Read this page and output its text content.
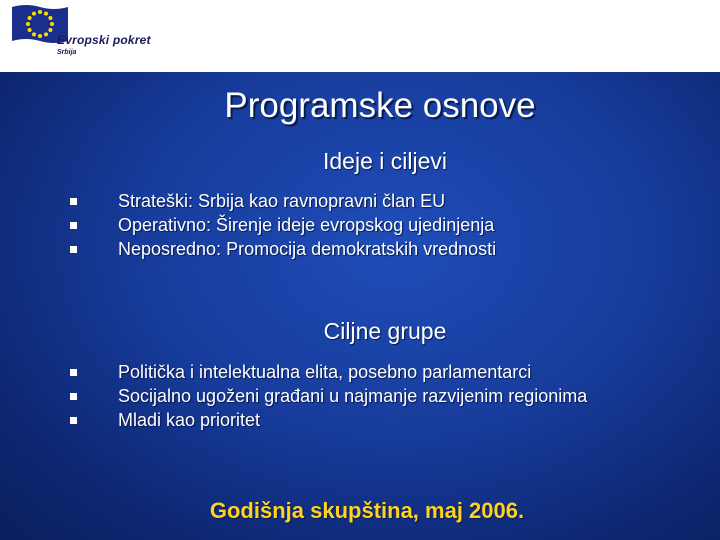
Evropski pokret
Srbija
Programske osnove
Ideje i ciljevi
Strateški: Srbija kao ravnopravni član EU
Operativno: Širenje ideje evropskog ujedinjenja
Neposredno: Promocija demokratskih vrednosti
Ciljne grupe
Politička i intelektualna elita, posebno parlamentarci
Socijalno ugoženi građani u najmanje razvijenim regionima
Mladi kao prioritet
Godišnja skupština, maj 2006.
